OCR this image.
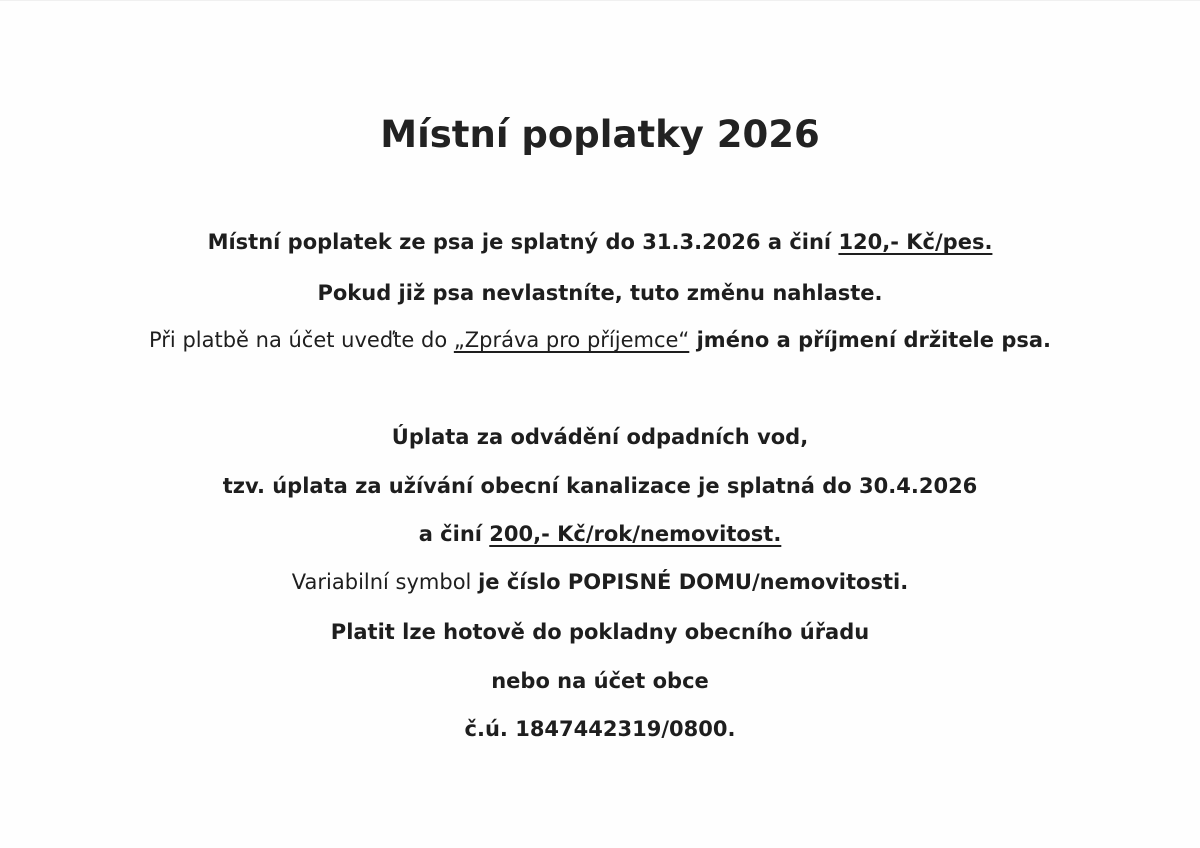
Místní poplatky 2026
Místní poplatek ze psa je splatný do 31.3.2026 a činí 120,- Kč/pes.
Pokud již psa nevlastníte, tuto změnu nahlaste.
Při platbě na účet uveďte do „Zpráva pro příjemce“ jméno a příjmení držitele psa.
Úplata za odvádění odpadních vod,
tzv. úplata za užívání obecní kanalizace je splatná do 30.4.2026
a činí 200,- Kč/rok/nemovitost.
Variabilní symbol je číslo POPISNÉ DOMU/nemovitosti.
Platit lze hotově do pokladny obecního úřadu
nebo na účet obce
č.ú. 1847442319/0800.
